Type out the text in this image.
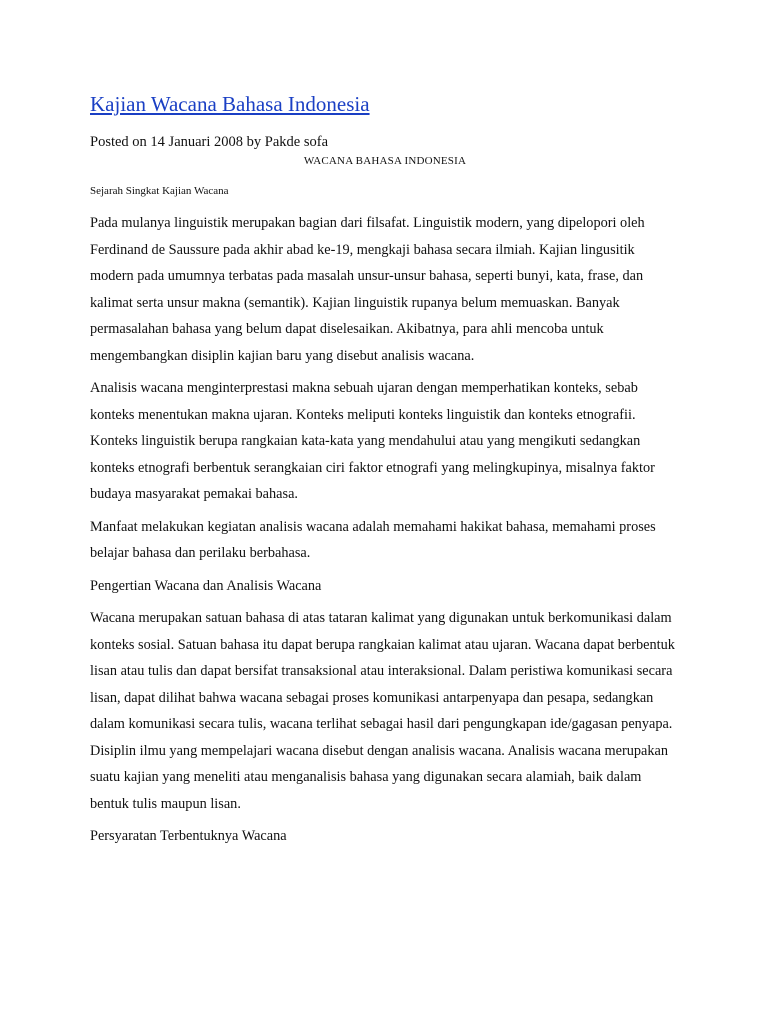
Kajian Wacana Bahasa Indonesia
Posted on 14 Januari 2008 by Pakde sofa
WACANA BAHASA INDONESIA
Sejarah Singkat Kajian Wacana

Pada mulanya linguistik merupakan bagian dari filsafat. Linguistik modern, yang dipelopori oleh Ferdinand de Saussure pada akhir abad ke-19, mengkaji bahasa secara ilmiah. Kajian lingusitik modern pada umumnya terbatas pada masalah unsur-unsur bahasa, seperti bunyi, kata, frase, dan kalimat serta unsur makna (semantik). Kajian linguistik rupanya belum memuaskan. Banyak permasalahan bahasa yang belum dapat diselesaikan. Akibatnya, para ahli mencoba untuk mengembangkan disiplin kajian baru yang disebut analisis wacana.

Analisis wacana menginterprestasi makna sebuah ujaran dengan memperhatikan konteks, sebab konteks menentukan makna ujaran. Konteks meliputi konteks linguistik dan konteks etnografii. Konteks linguistik berupa rangkaian kata-kata yang mendahului atau yang mengikuti sedangkan konteks etnografi berbentuk serangkaian ciri faktor etnografi yang melingkupinya, misalnya faktor budaya masyarakat pemakai bahasa.

Manfaat melakukan kegiatan analisis wacana adalah memahami hakikat bahasa, memahami proses belajar bahasa dan perilaku berbahasa.

Pengertian Wacana dan Analisis Wacana

Wacana merupakan satuan bahasa di atas tataran kalimat yang digunakan untuk berkomunikasi dalam konteks sosial. Satuan bahasa itu dapat berupa rangkaian kalimat atau ujaran. Wacana dapat berbentuk lisan atau tulis dan dapat bersifat transaksional atau interaksional. Dalam peristiwa komunikasi secara lisan, dapat dilihat bahwa wacana sebagai proses komunikasi antarpenyapa dan pesapa, sedangkan dalam komunikasi secara tulis, wacana terlihat sebagai hasil dari pengungkapan ide/gagasan penyapa. Disiplin ilmu yang mempelajari wacana disebut dengan analisis wacana. Analisis wacana merupakan suatu kajian yang meneliti atau menganalisis bahasa yang digunakan secara alamiah, baik dalam bentuk tulis maupun lisan.

Persyaratan Terbentuknya Wacana
